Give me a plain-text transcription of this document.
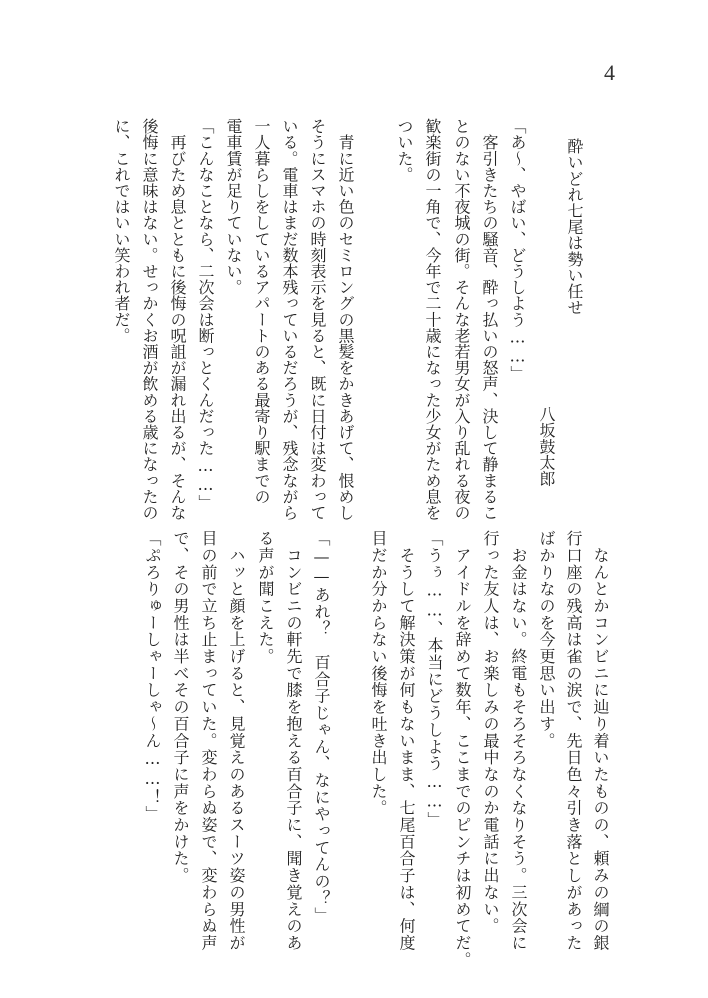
4
酔いどれ七尾は勢い任せ
八坂鼓太郎
「あ〜、やばい、どうしよう……」
　客引きたちの騒音、酔っ払いの怒声、決して静まるこ
とのない不夜城の街。そんな老若男女が入り乱れる夜の
歓楽街の一角で、今年で二十歳になった少女がため息を
ついた。
　青に近い色のセミロングの黒髪をかきあげて、恨めし
そうにスマホの時刻表示を見ると、既に日付は変わって
いる。電車はまだ数本残っているだろうが、残念ながら
一人暮らしをしているアパートのある最寄り駅までの
電車賃が足りていない。
「こんなことなら、二次会は断っとくんだった……」
　再びため息とともに後悔の呪詛が漏れ出るが、そんな
後悔に意味はない。せっかくお酒が飲める歳になったの
に、これではいい笑われ者だ。
　なんとかコンビニに辿り着いたものの、頼みの綱の銀
行口座の残高は雀の涙で、先日色々引き落としがあった
ばかりなのを今更思い出す。
　お金はない。終電もそろそろなくなりそう。三次会に
行った友人は、お楽しみの最中なのか電話に出ない。
　アイドルを辞めて数年、ここまでのピンチは初めてだ。
「うぅ……、本当にどうしよう……」
　そうして解決策が何もないまま、七尾百合子は、何度
目だか分からない後悔を吐き出した。
「——あれ？　百合子じゃん、なにやってんの？」
　コンビニの軒先で膝を抱える百合子に、聞き覚えのあ
る声が聞こえた。
　ハッと顔を上げると、見覚えのあるスーツ姿の男性が
目の前で立ち止まっていた。変わらぬ姿で、変わらぬ声
で、その男性は半べその百合子に声をかけた。
「ぷろりゅーしゃーしゃ〜ん……！」
